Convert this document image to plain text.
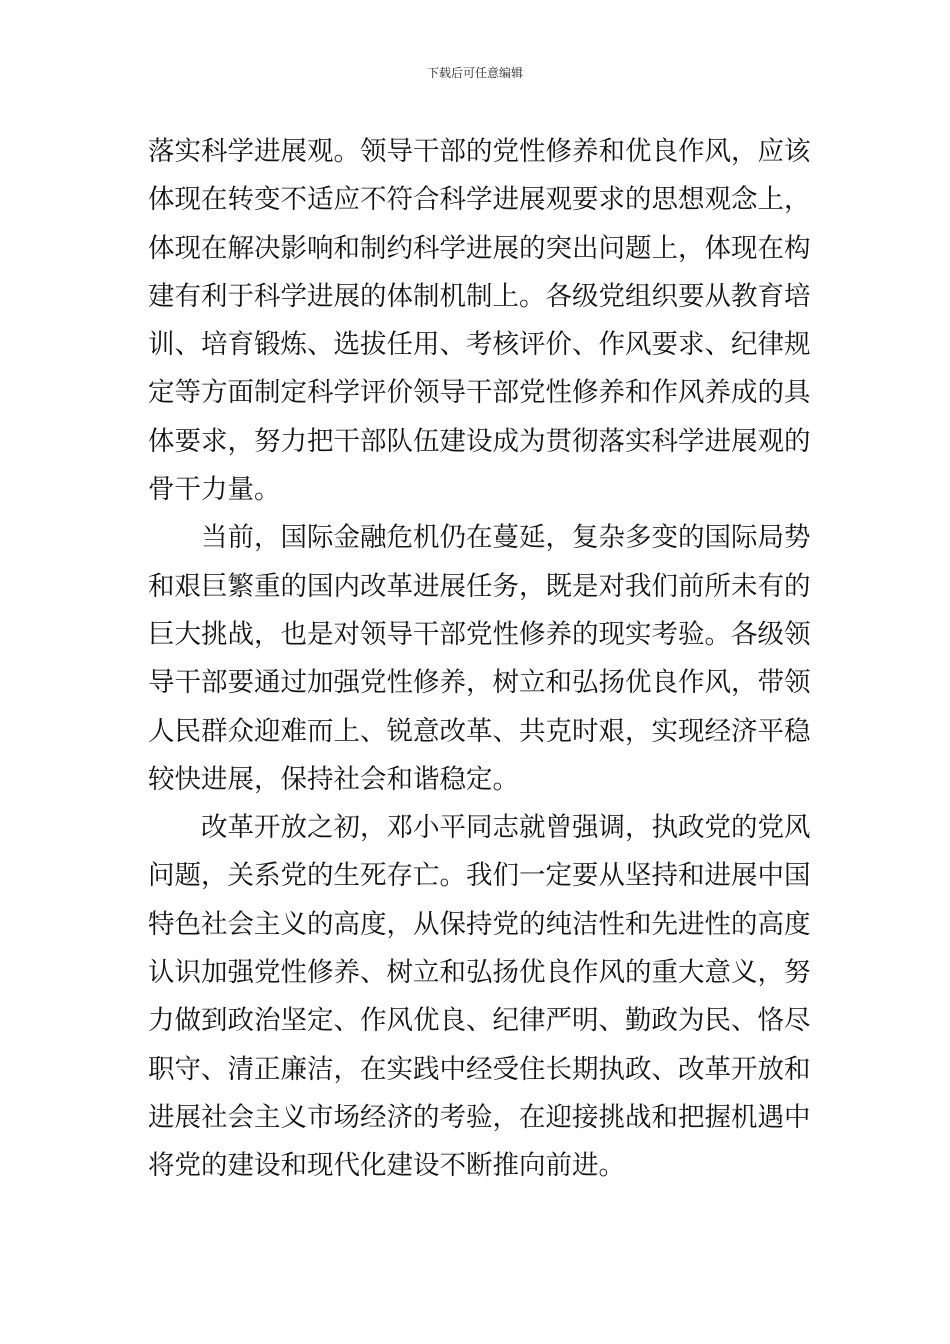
下载后可任意编辑
落实科学进展观。领导干部的党性修养和优良作风，应该
体现在转变不适应不符合科学进展观要求的思想观念上，
体现在解决影响和制约科学进展的突出问题上，体现在构
建有利于科学进展的体制机制上。各级党组织要从教育培
训、培育锻炼、选拔任用、考核评价、作风要求、纪律规
定等方面制定科学评价领导干部党性修养和作风养成的具
体要求，努力把干部队伍建设成为贯彻落实科学进展观的
骨干力量。
当前，国际金融危机仍在蔓延，复杂多变的国际局势
和艰巨繁重的国内改革进展任务，既是对我们前所未有的
巨大挑战，也是对领导干部党性修养的现实考验。各级领
导干部要通过加强党性修养，树立和弘扬优良作风，带领
人民群众迎难而上、锐意改革、共克时艰，实现经济平稳
较快进展，保持社会和谐稳定。
改革开放之初，邓小平同志就曾强调，执政党的党风
问题，关系党的生死存亡。我们一定要从坚持和进展中国
特色社会主义的高度，从保持党的纯洁性和先进性的高度
认识加强党性修养、树立和弘扬优良作风的重大意义，努
力做到政治坚定、作风优良、纪律严明、勤政为民、恪尽
职守、清正廉洁，在实践中经受住长期执政、改革开放和
进展社会主义市场经济的考验，在迎接挑战和把握机遇中
将党的建设和现代化建设不断推向前进。
